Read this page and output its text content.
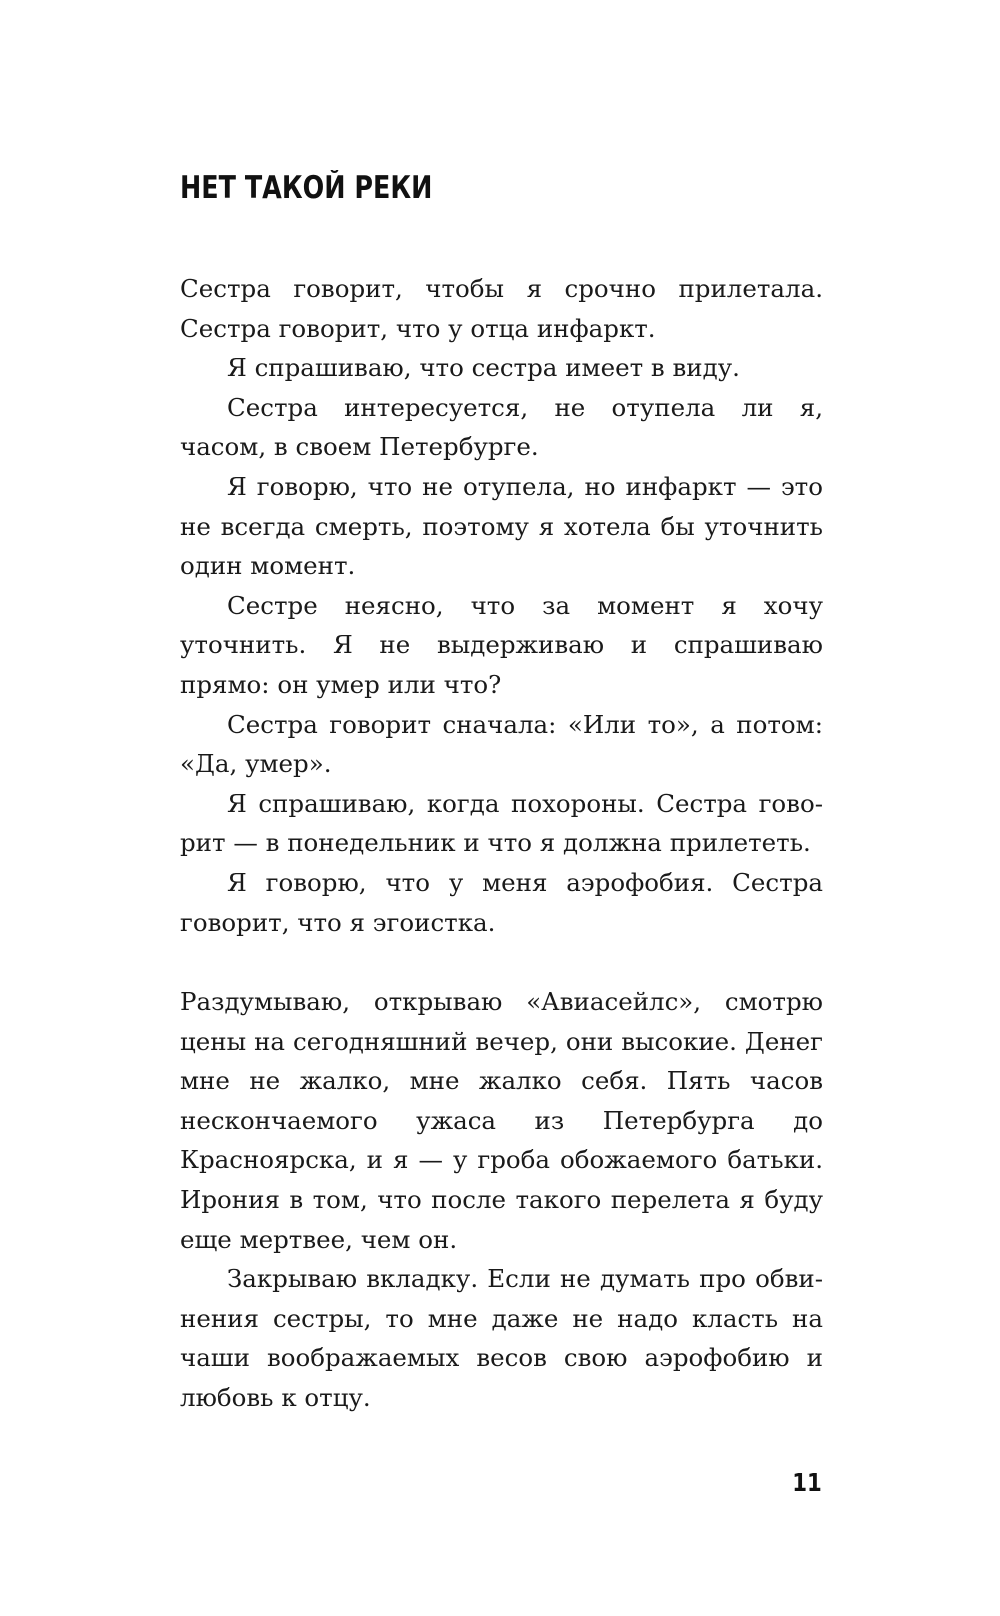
НЕТ ТАКОЙ РЕКИ

Сестра говорит, чтобы я срочно прилетала. Сестра говорит, что у отца инфаркт.

Я спрашиваю, что сестра имеет в виду.

Сестра интересуется, не отупела ли я, часом, в своем Петербурге.

Я говорю, что не отупела, но инфаркт — это не всегда смерть, поэтому я хотела бы уточнить один момент.

Сестре неясно, что за момент я хочу уточнить. Я не выдерживаю и спрашиваю прямо: он умер или что?

Сестра говорит сначала: «Или то», а потом: «Да, умер».

Я спрашиваю, когда похороны. Сестра говорит — в понедельник и что я должна прилететь.

Я говорю, что у меня аэрофобия. Сестра говорит, что я эгоистка.

Раздумываю, открываю «Авиасейлс», смотрю цены на сегодняшний вечер, они высокие. Денег мне не жалко, мне жалко себя. Пять часов нескончаемого ужаса из Петербурга до Красноярска, и я — у гроба обожаемого батьки. Ирония в том, что после такого перелета я буду еще мертвее, чем он.

Закрываю вкладку. Если не думать про обвинения сестры, то мне даже не надо класть на чаши воображаемых весов свою аэрофобию и любовь к отцу.

11
